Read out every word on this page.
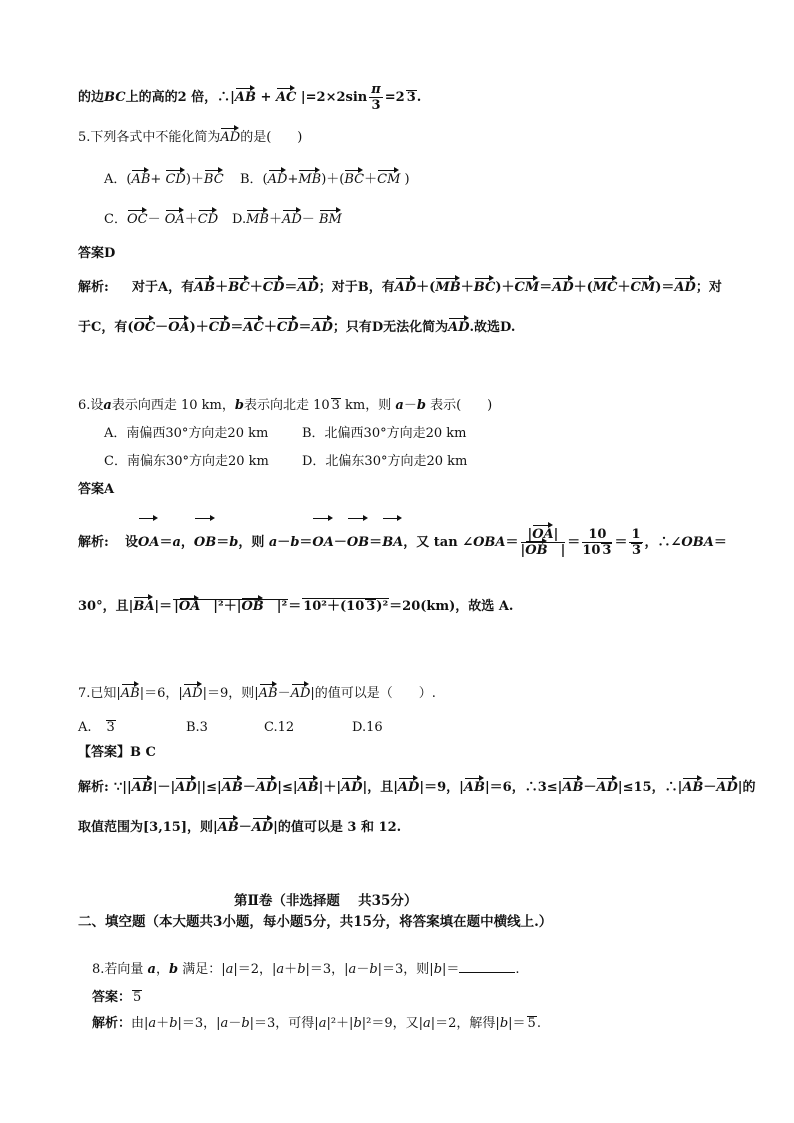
的边BC上的高的2 倍，∴|AB + AC $|=2\times 2\sin \frac{\pi}{3} =2$ 3.
5.下列各式中不能化简为AD的是(　　)
A．(AB+ CD)＋BC B．(AD+MB)＋(BC＋CM )
C．OC－ OA＋CD D.MB＋AD－ BM
答案D
解析: 对于A，有AB＋BC＋CD＝AD；对于B，有AD＋(MB＋BC)＋CM＝AD＋(MC＋CM)＝AD；对
于C，有(OC－OA)＋CD＝AC＋CD＝AD；只有D无法化简为AD.故选D.
6.设a表示向西走 10 km，b表示向北走 10 3 km，则 a－b 表示(　　)
A．南偏西30°方向走20 km	B．北偏西30°方向走20 km
C．南偏东30°方向走20 km	D．北偏东30°方向走20 km
答案A
解析: 设OA＝a，OB＝b，则 a－b＝OA－OB＝BA，又 tan ∠OBA＝ $\frac{|OA|}{|OB |} = \frac{10}{10 3} = \frac{1}{3}$ ，∴∠OBA＝
30°，且|BA|＝ |OA　|²＋|OB　|²＝ 10²＋(10 3)²＝20(km)，故选 A.
7.已知|AB|＝6，|AD|＝9，则|AB－AD|的值可以是（　　）.
A.　3	B.3	C.12	D.16
【答案】B C
解析: ∵||AB|－|AD||≤|AB－AD|≤|AB|＋|AD|，且|AD|＝9，|AB|＝6，∴3≤|AB－AD|≤15，∴|AB－AD|的
取值范围为[3,15]，则|AB－AD|的值可以是 3 和 12.
第Ⅱ卷（非选择题　 共35分）
二、填空题（本大题共3小题，每小题5分，共15分，将答案填在题中横线上.）
8.若向量 a，b 满足：|a|＝2，|a＋b|＝3，|a－b|＝3，则|b|＝	.
答案： 5
解析：由|a＋b|＝3，|a－b|＝3，可得|a|²＋|b|²＝9，又|a|＝2，解得|b|＝ 5.
